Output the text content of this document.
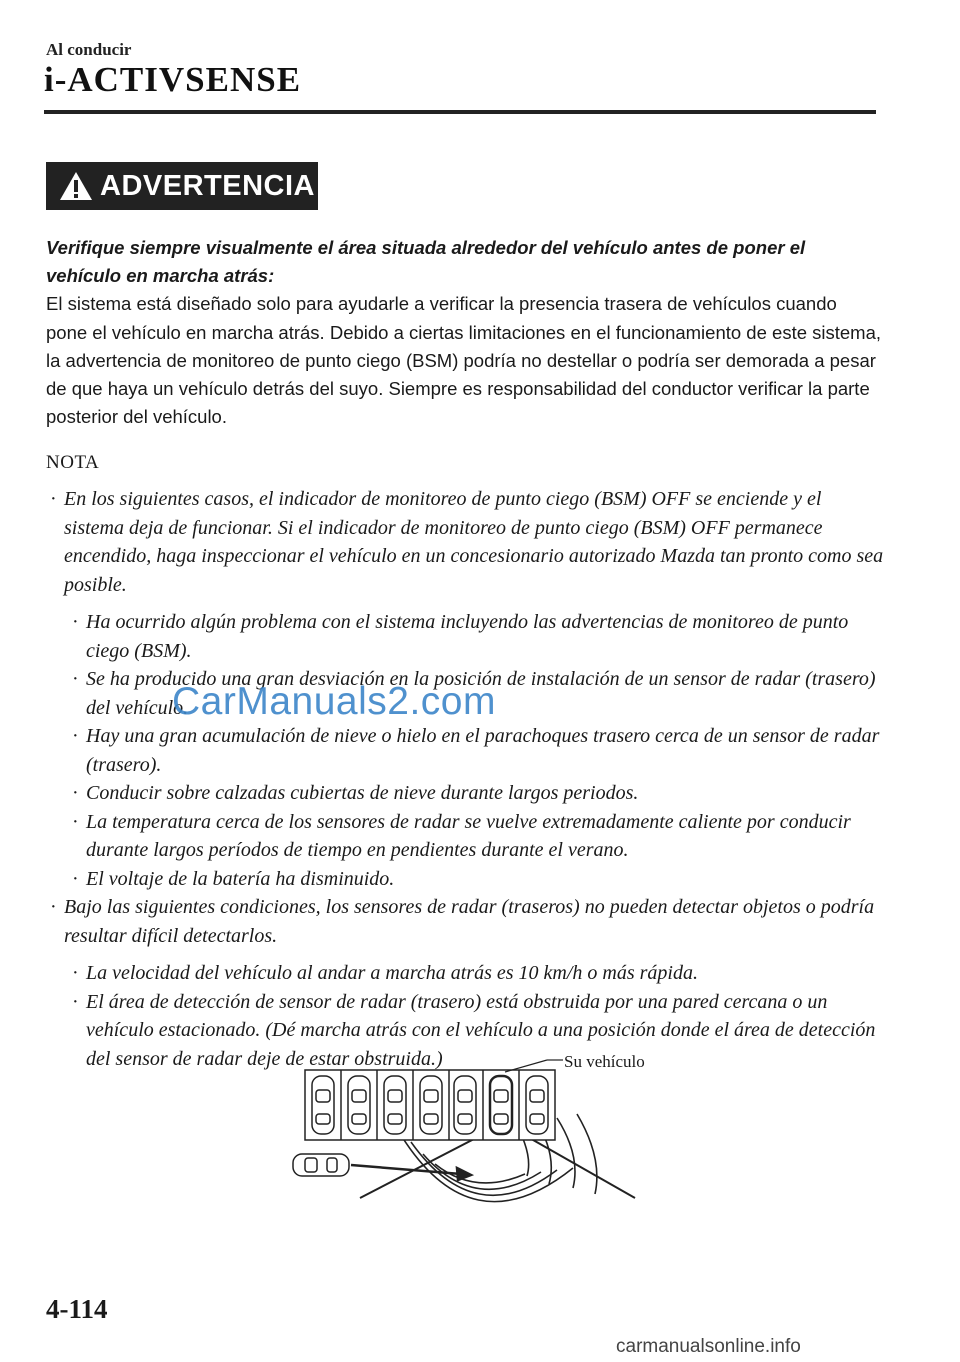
Al conducir
i-ACTIVSENSE
ADVERTENCIA
Verifique siempre visualmente el área situada alrededor del vehículo antes de poner el vehículo en marcha atrás:
El sistema está diseñado solo para ayudarle a verificar la presencia trasera de vehículos cuando pone el vehículo en marcha atrás. Debido a ciertas limitaciones en el funcionamiento de este sistema, la advertencia de monitoreo de punto ciego (BSM) podría no destellar o podría ser demorada a pesar de que haya un vehículo detrás del suyo. Siempre es responsabilidad del conductor verificar la parte posterior del vehículo.
NOTA
· En los siguientes casos, el indicador de monitoreo de punto ciego (BSM) OFF se enciende y el sistema deja de funcionar. Si el indicador de monitoreo de punto ciego (BSM) OFF permanece encendido, haga inspeccionar el vehículo en un concesionario autorizado Mazda tan pronto como sea posible.
· Ha ocurrido algún problema con el sistema incluyendo las advertencias de monitoreo de punto ciego (BSM).
· Se ha producido una gran desviación en la posición de instalación de un sensor de radar (trasero) del vehículo.
· Hay una gran acumulación de nieve o hielo en el parachoques trasero cerca de un sensor de radar (trasero).
· Conducir sobre calzadas cubiertas de nieve durante largos periodos.
· La temperatura cerca de los sensores de radar se vuelve extremadamente caliente por conducir durante largos períodos de tiempo en pendientes durante el verano.
· El voltaje de la batería ha disminuido.
· Bajo las siguientes condiciones, los sensores de radar (traseros) no pueden detectar objetos o podría resultar difícil detectarlos.
· La velocidad del vehículo al andar a marcha atrás es 10 km/h o más rápida.
· El área de detección de sensor de radar (trasero) está obstruida por una pared cercana o un vehículo estacionado. (Dé marcha atrás con el vehículo a una posición donde el área de detección del sensor de radar deje de estar obstruida.)	Su vehículo
CarManuals2.com
4-114
carmanualsonline.info
